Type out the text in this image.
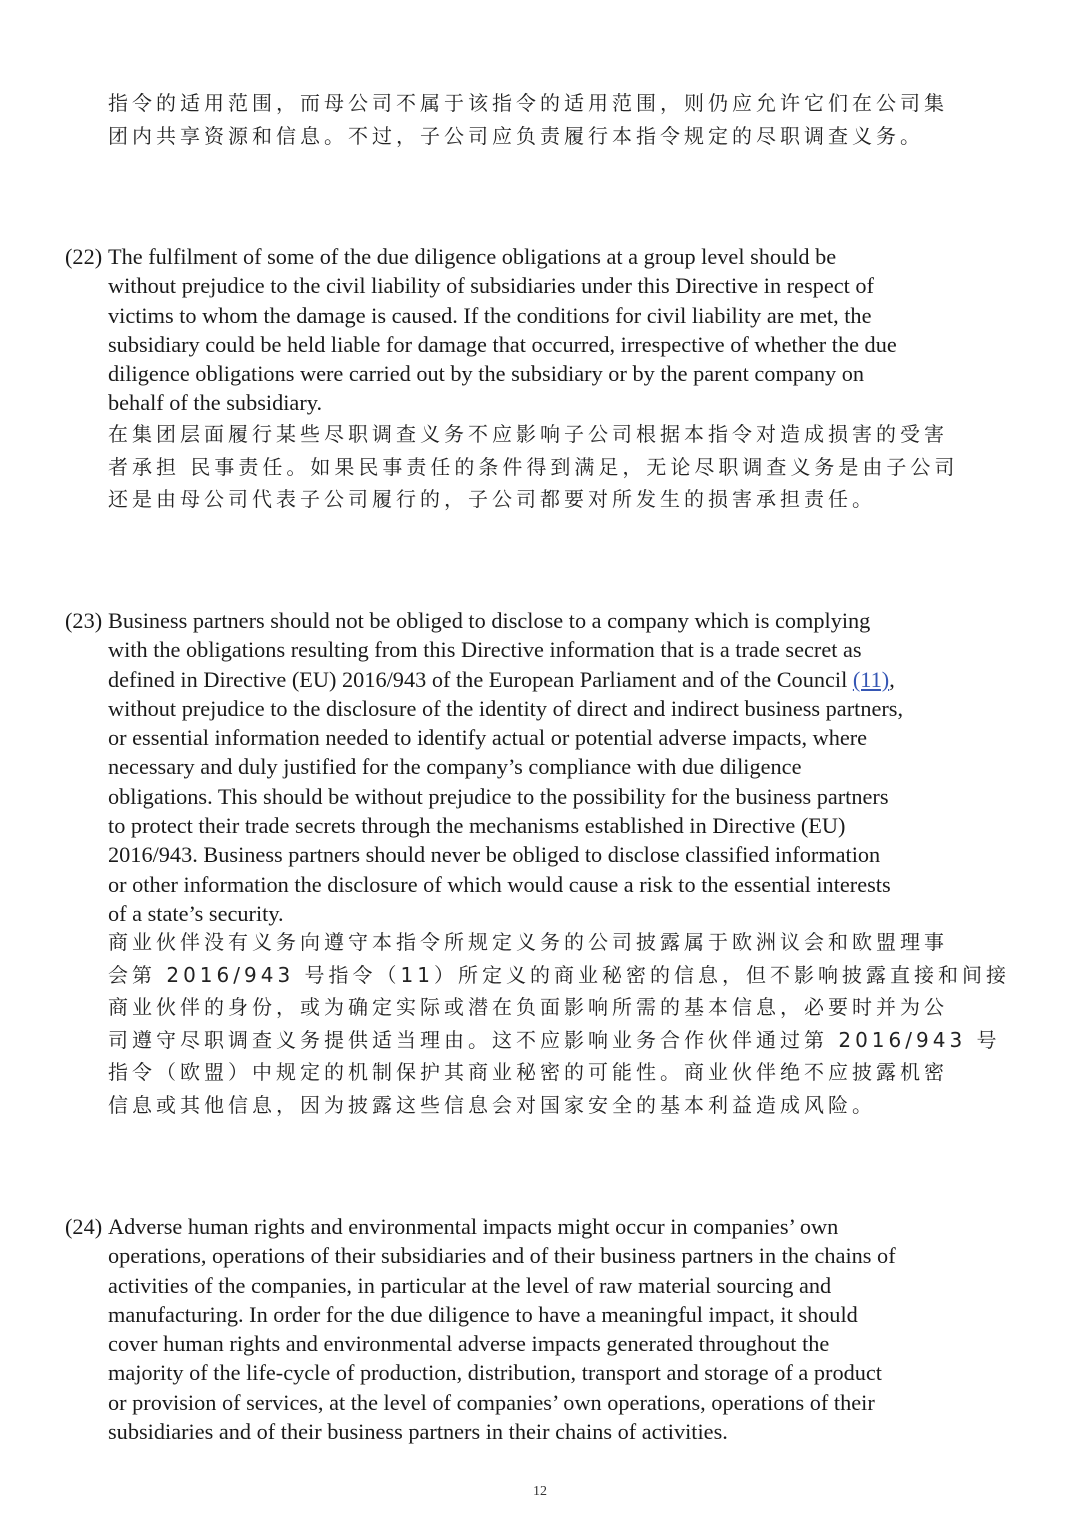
指令的适用范围，而母公司不属于该指令的适用范围，则仍应允许它们在公司集
团内共享资源和信息。不过，子公司应负责履行本指令规定的尽职调查义务。
(22) The fulfilment of some of the due diligence obligations at a group level should be
without prejudice to the civil liability of subsidiaries under this Directive in respect of
victims to whom the damage is caused. If the conditions for civil liability are met, the
subsidiary could be held liable for damage that occurred, irrespective of whether the due
diligence obligations were carried out by the subsidiary or by the parent company on
behalf of the subsidiary.
在集团层面履行某些尽职调查义务不应影响子公司根据本指令对造成损害的受害
者承担 民事责任。如果民事责任的条件得到满足，无论尽职调查义务是由子公司
还是由母公司代表子公司履行的，子公司都要对所发生的损害承担责任。
(23) Business partners should not be obliged to disclose to a company which is complying
with the obligations resulting from this Directive information that is a trade secret as
defined in Directive (EU) 2016/943 of the European Parliament and of the Council (11),
without prejudice to the disclosure of the identity of direct and indirect business partners,
or essential information needed to identify actual or potential adverse impacts, where
necessary and duly justified for the company’s compliance with due diligence
obligations. This should be without prejudice to the possibility for the business partners
to protect their trade secrets through the mechanisms established in Directive (EU)
2016/943. Business partners should never be obliged to disclose classified information
or other information the disclosure of which would cause a risk to the essential interests
of a state’s security.
商业伙伴没有义务向遵守本指令所规定义务的公司披露属于欧洲议会和欧盟理事
会第 2016/943 号指令（11）所定义的商业秘密的信息，但不影响披露直接和间接
商业伙伴的身份，或为确定实际或潜在负面影响所需的基本信息，必要时并为公
司遵守尽职调查义务提供适当理由。这不应影响业务合作伙伴通过第 2016/943 号
指令（欧盟）中规定的机制保护其商业秘密的可能性。商业伙伴绝不应披露机密
信息或其他信息，因为披露这些信息会对国家安全的基本利益造成风险。
(24) Adverse human rights and environmental impacts might occur in companies’ own
operations, operations of their subsidiaries and of their business partners in the chains of
activities of the companies, in particular at the level of raw material sourcing and
manufacturing. In order for the due diligence to have a meaningful impact, it should
cover human rights and environmental adverse impacts generated throughout the
majority of the life-cycle of production, distribution, transport and storage of a product
or provision of services, at the level of companies’ own operations, operations of their
subsidiaries and of their business partners in their chains of activities.
12
